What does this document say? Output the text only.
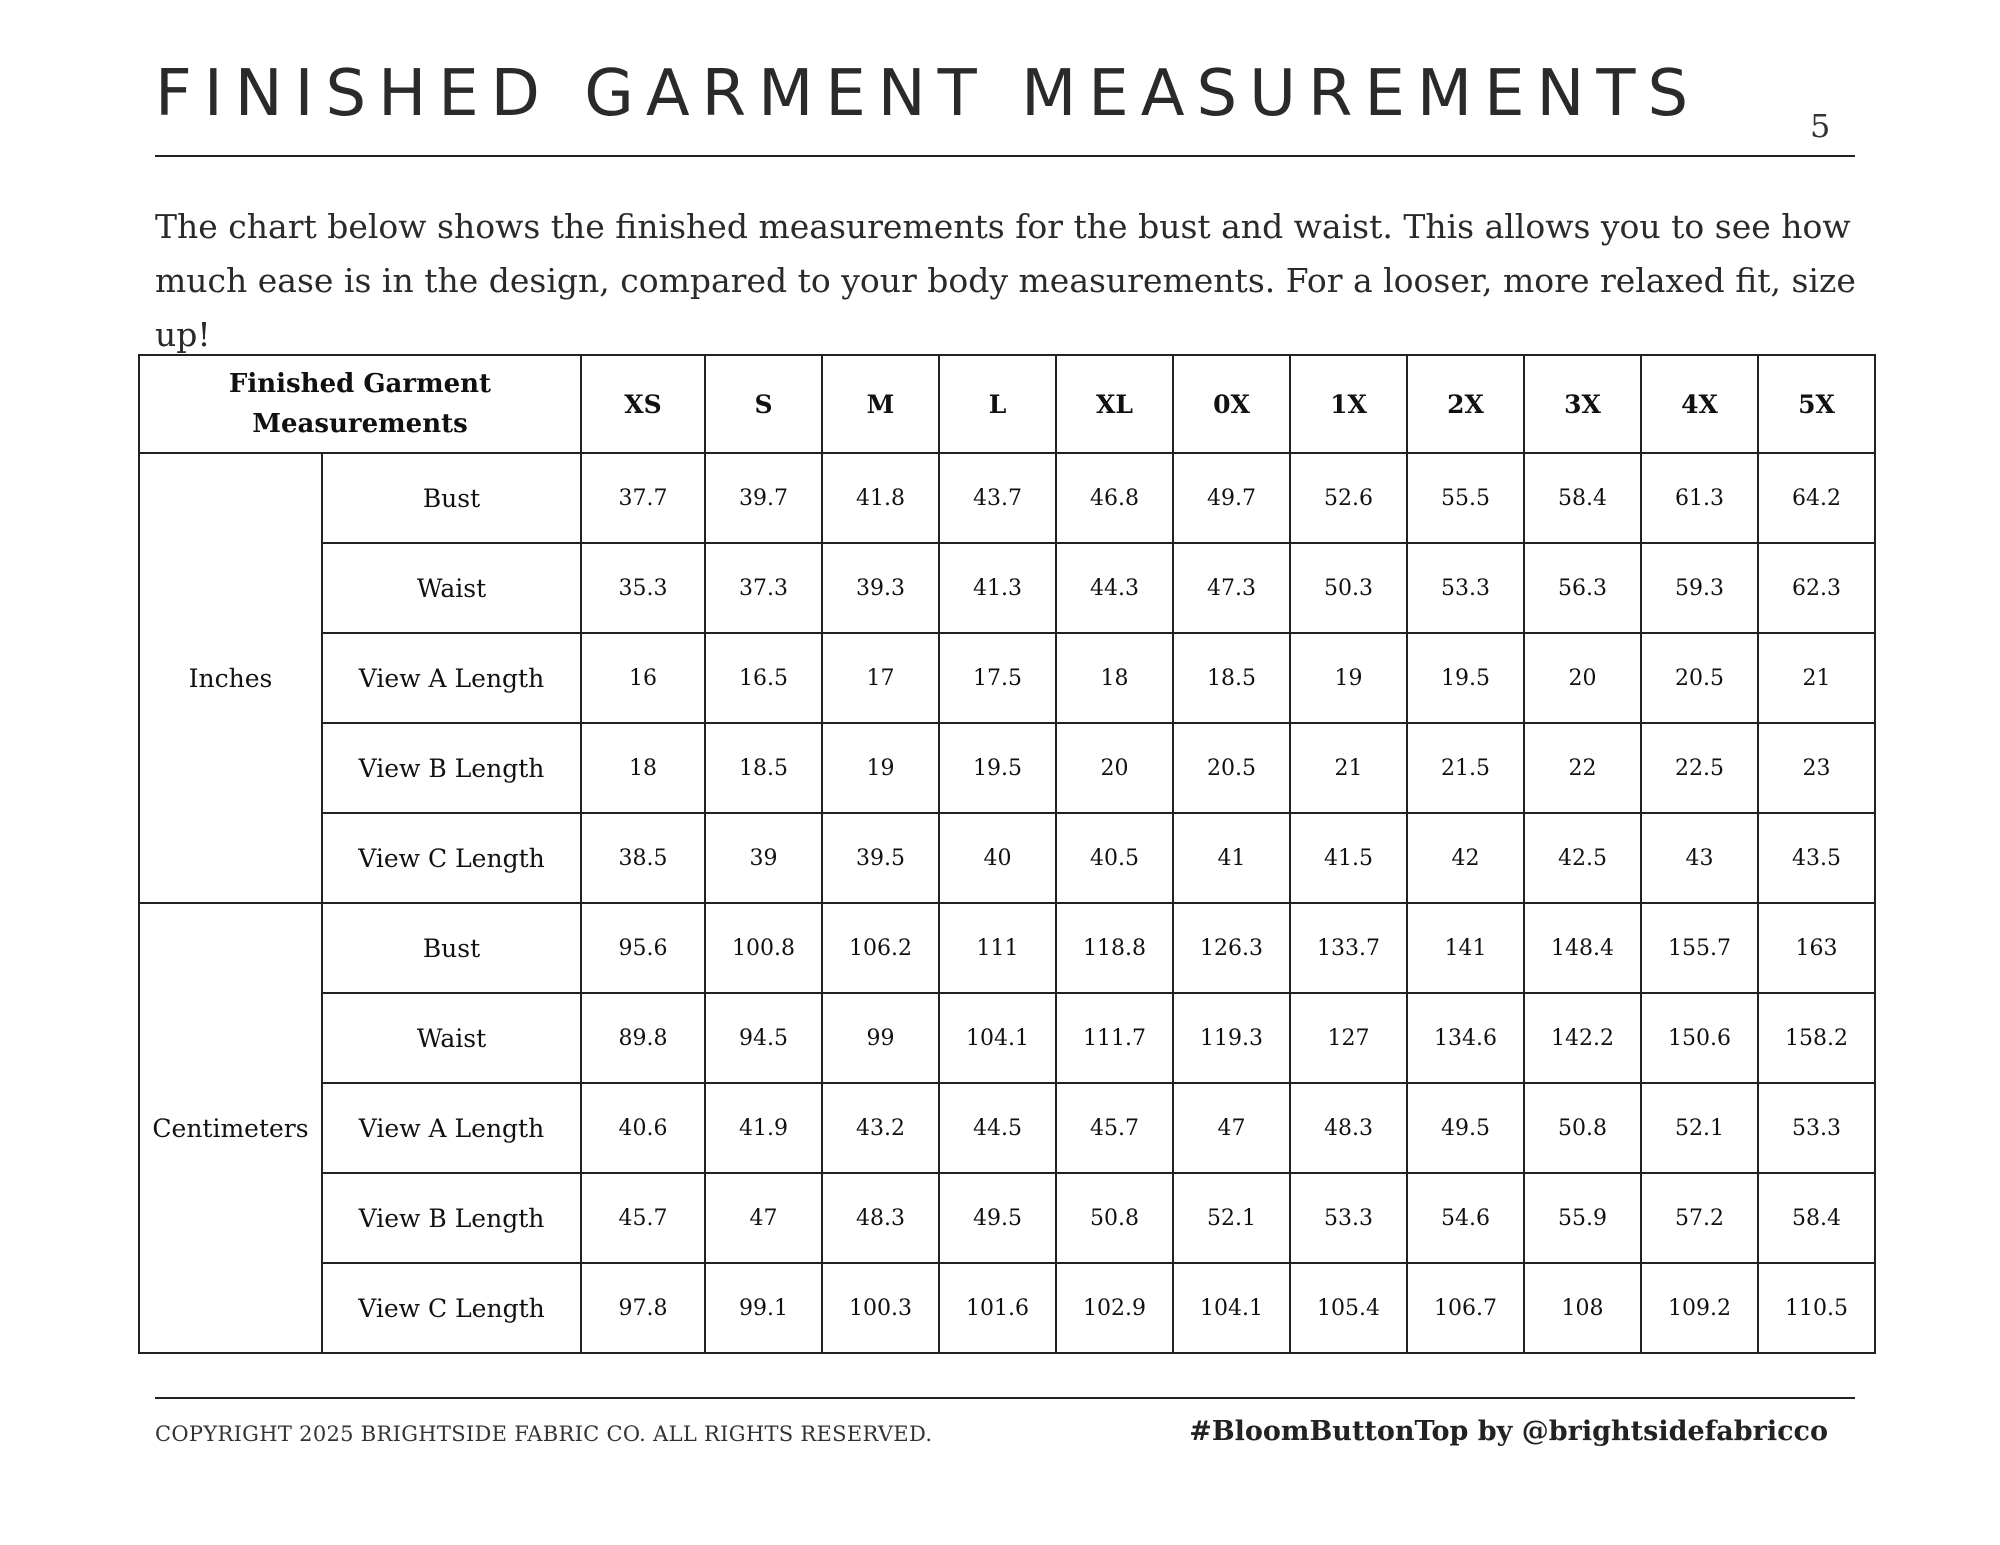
FINISHED GARMENT MEASUREMENTS	5

The chart below shows the finished measurements for the bust and waist. This allows you to see how much ease is in the design, compared to your body measurements. For a looser, more relaxed fit, size up!

Finished Garment
Measurements		XS	S	M	L	XL	0X	1X	2X	3X	4X	5X
Inches	Bust	37.7	39.7	41.8	43.7	46.8	49.7	52.6	55.5	58.4	61.3	64.2
	Waist	35.3	37.3	39.3	41.3	44.3	47.3	50.3	53.3	56.3	59.3	62.3
	View A Length	16	16.5	17	17.5	18	18.5	19	19.5	20	20.5	21
	View B Length	18	18.5	19	19.5	20	20.5	21	21.5	22	22.5	23
	View C Length	38.5	39	39.5	40	40.5	41	41.5	42	42.5	43	43.5
Centimeters	Bust	95.6	100.8	106.2	111	118.8	126.3	133.7	141	148.4	155.7	163
	Waist	89.8	94.5	99	104.1	111.7	119.3	127	134.6	142.2	150.6	158.2
	View A Length	40.6	41.9	43.2	44.5	45.7	47	48.3	49.5	50.8	52.1	53.3
	View B Length	45.7	47	48.3	49.5	50.8	52.1	53.3	54.6	55.9	57.2	58.4
	View C Length	97.8	99.1	100.3	101.6	102.9	104.1	105.4	106.7	108	109.2	110.5
COPYRIGHT 2025 BRIGHTSIDE FABRIC CO. ALL RIGHTS RESERVED.	#BloomButtonTop by @brightsidefabricco
